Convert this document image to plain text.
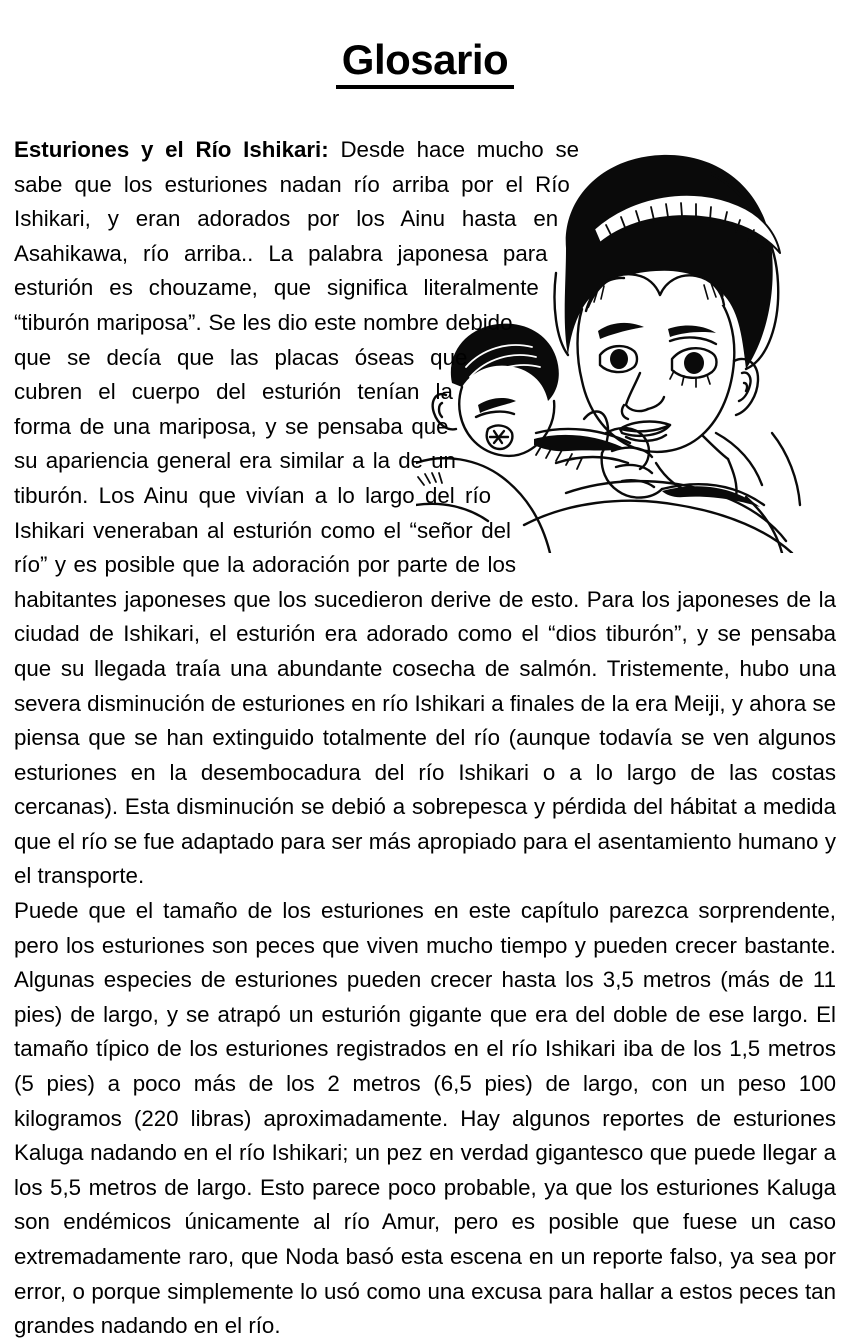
Glosario
Esturiones y el Río Ishikari: Desde hace mucho se sabe que los esturiones nadan río arriba por el Río Ishikari, y eran adorados por los Ainu hasta en Asahikawa, río arriba.. La palabra japonesa para esturión es chouzame, que significa literalmente “tiburón mariposa”. Se les dio este nombre debido que se decía que las placas óseas que cubren el cuerpo del esturión tenían la forma de una mariposa, y se pensaba que su apariencia general era similar a la de un tiburón. Los Ainu que vivían a lo largo del río Ishikari veneraban al esturión como el “señor del río” y es posible que la adoración por parte de los habitantes japoneses que los sucedieron derive de esto. Para los japoneses de la ciudad de Ishikari, el esturión era adorado como el “dios tiburón”, y se pensaba que su llegada traía una abundante cosecha de salmón. Tristemente, hubo una severa disminución de esturiones en río Ishikari a finales de la era Meiji, y ahora se piensa que se han extinguido totalmente del río (aunque todavía se ven algunos esturiones en la desembocadura del río Ishikari o a lo largo de las costas cercanas). Esta disminución se debió a sobrepesca y pérdida del hábitat a medida que el río se fue adaptado para ser más apropiado para el asentamiento humano y el transporte.

Puede que el tamaño de los esturiones en este capítulo parezca sorprendente, pero los esturiones son peces que viven mucho tiempo y pueden crecer bastante. Algunas especies de esturiones pueden crecer hasta los 3,5 metros (más de 11 pies) de largo, y se atrapó un esturión gigante que era del doble de ese largo. El tamaño típico de los esturiones registrados en el río Ishikari iba de los 1,5 metros (5 pies) a poco más de los 2 metros (6,5 pies) de largo, con un peso 100 kilogramos (220 libras) aproximadamente. Hay algunos reportes de esturiones Kaluga nadando en el río Ishikari; un pez en verdad gigantesco que puede llegar a los 5,5 metros de largo. Esto parece poco probable, ya que los esturiones Kaluga son endémicos únicamente al río Amur, pero es posible que fuese un caso extremadamente raro, que Noda basó esta escena en un reporte falso, ya sea por error, o porque simplemente lo usó como una excusa para hallar a estos peces tan grandes nadando en el río.
